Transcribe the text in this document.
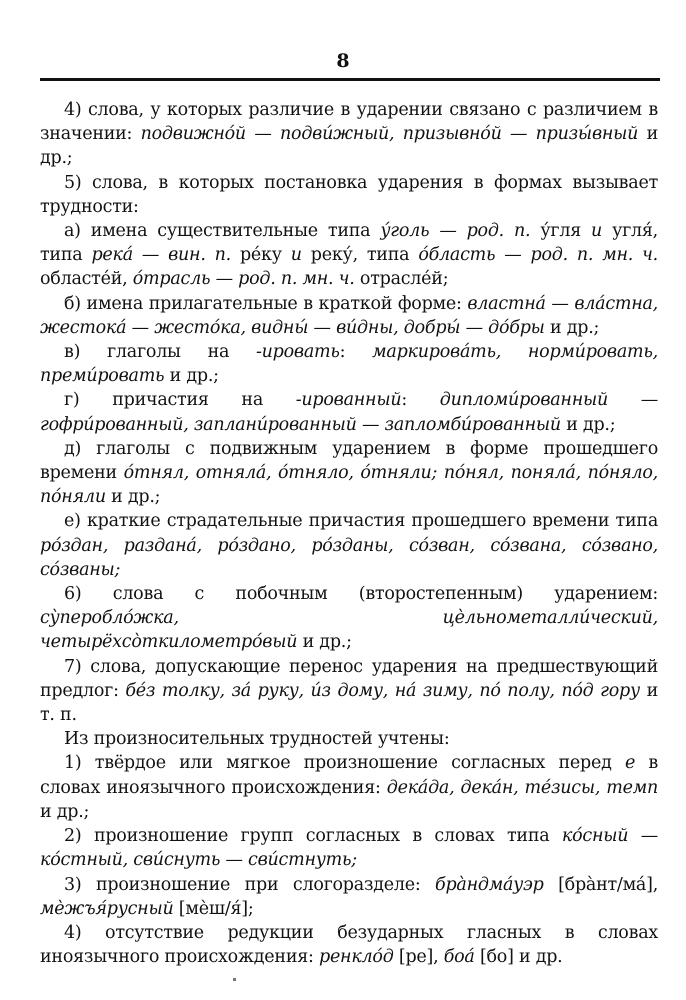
8

4) слова, у которых различие в ударении связано с различием в значении: подвижно́й — подви́жный, призывно́й — призы́вный и др.;

5) слова, в которых постановка ударения в формах вызывает трудности:

а) имена существительные типа у́голь — род. п. у́гля и угля́, типа река́ — вин. п. ре́ку и реку́, типа о́бласть — род. п. мн. ч. областе́й, о́трасль — род. п. мн. ч. отрасле́й;

б) имена прилагательные в краткой форме: властна́ — вла́стна, жестока́ — жесто́ка, видны́ — ви́дны, добры́ — до́бры и др.;

в) глаголы на -ировать: маркирова́ть, норми́ровать, преми́ровать и др.;

г) причастия на -ированный: дипломи́рованный — гофри́рованный, заплани́рованный — запломби́рованный и др.;

д) глаголы с подвижным ударением в форме прошедшего времени о́тнял, отняла́, о́тняло, о́тняли; по́нял, поняла́, по́няло, по́няли и др.;

е) краткие страдательные причастия прошедшего времени типа ро́здан, раздана́, ро́здано, ро́зданы, со́зван, со́звана, со́звано, со́званы;

6) слова с побочным (второстепенным) ударением: су̀пероблóжка, цѐльнометалли́ческий, четырёхсо̀ткилометро́вый и др.;

7) слова, допускающие перенос ударения на предшествующий предлог: бе́з толку, за́ руку, и́з дому, на́ зиму, по́ полу, по́д гору и т. п.

Из произносительных трудностей учтены:

1) твёрдое или мягкое произношение согласных перед е в словах иноязычного происхождения: дека́да, дека́н, те́зисы, темп и др.;

2) произношение групп согласных в словах типа ко́сный — ко́стный, сви́снуть — сви́стнуть;

3) произношение при слогоразделе: бра̀ндма́уэр [бра̀нт/ма́], мѐжъя́русный [мѐш/я́];

4) отсутствие редукции безударных гласных в словах иноязычного происхождения: ренкло́д [ре], боа́ [бо] и др.
